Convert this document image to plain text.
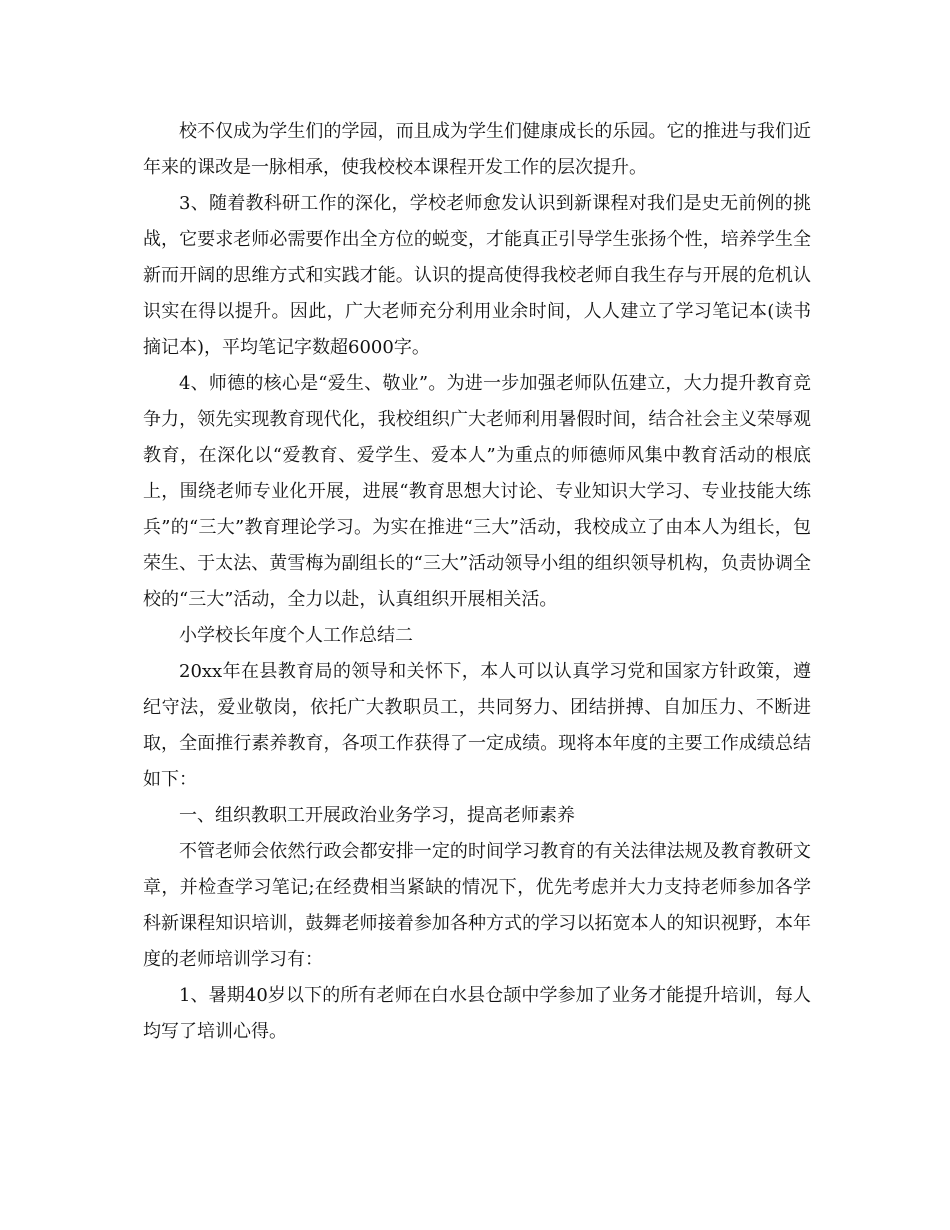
校不仅成为学生们的学园，而且成为学生们健康成长的乐园。它的推进与我们近年来的课改是一脉相承，使我校校本课程开发工作的层次提升。

3、随着教科研工作的深化，学校老师愈发认识到新课程对我们是史无前例的挑战，它要求老师必需要作出全方位的蜕变，才能真正引导学生张扬个性，培养学生全新而开阔的思维方式和实践才能。认识的提高使得我校老师自我生存与开展的危机认识实在得以提升。因此，广大老师充分利用业余时间，人人建立了学习笔记本(读书摘记本)，平均笔记字数超6000字。

4、师德的核心是“爱生、敬业”。为进一步加强老师队伍建立，大力提升教育竞争力，领先实现教育现代化，我校组织广大老师利用暑假时间，结合社会主义荣辱观教育，在深化以“爱教育、爱学生、爱本人”为重点的师德师风集中教育活动的根底上，围绕老师专业化开展，进展“教育思想大讨论、专业知识大学习、专业技能大练兵”的“三大”教育理论学习。为实在推进“三大”活动，我校成立了由本人为组长，包荣生、于太法、黄雪梅为副组长的“三大”活动领导小组的组织领导机构，负责协调全校的“三大”活动，全力以赴，认真组织开展相关活。

小学校长年度个人工作总结二

20xx年在县教育局的领导和关怀下，本人可以认真学习党和国家方针政策，遵纪守法，爱业敬岗，依托广大教职员工，共同努力、团结拼搏、自加压力、不断进取，全面推行素养教育，各项工作获得了一定成绩。现将本年度的主要工作成绩总结如下：

一、组织教职工开展政治业务学习，提高老师素养

不管老师会依然行政会都安排一定的时间学习教育的有关法律法规及教育教研文章，并检查学习笔记;在经费相当紧缺的情况下，优先考虑并大力支持老师参加各学科新课程知识培训，鼓舞老师接着参加各种方式的学习以拓宽本人的知识视野，本年度的老师培训学习有：

1、暑期40岁以下的所有老师在白水县仓颉中学参加了业务才能提升培训，每人均写了培训心得。
